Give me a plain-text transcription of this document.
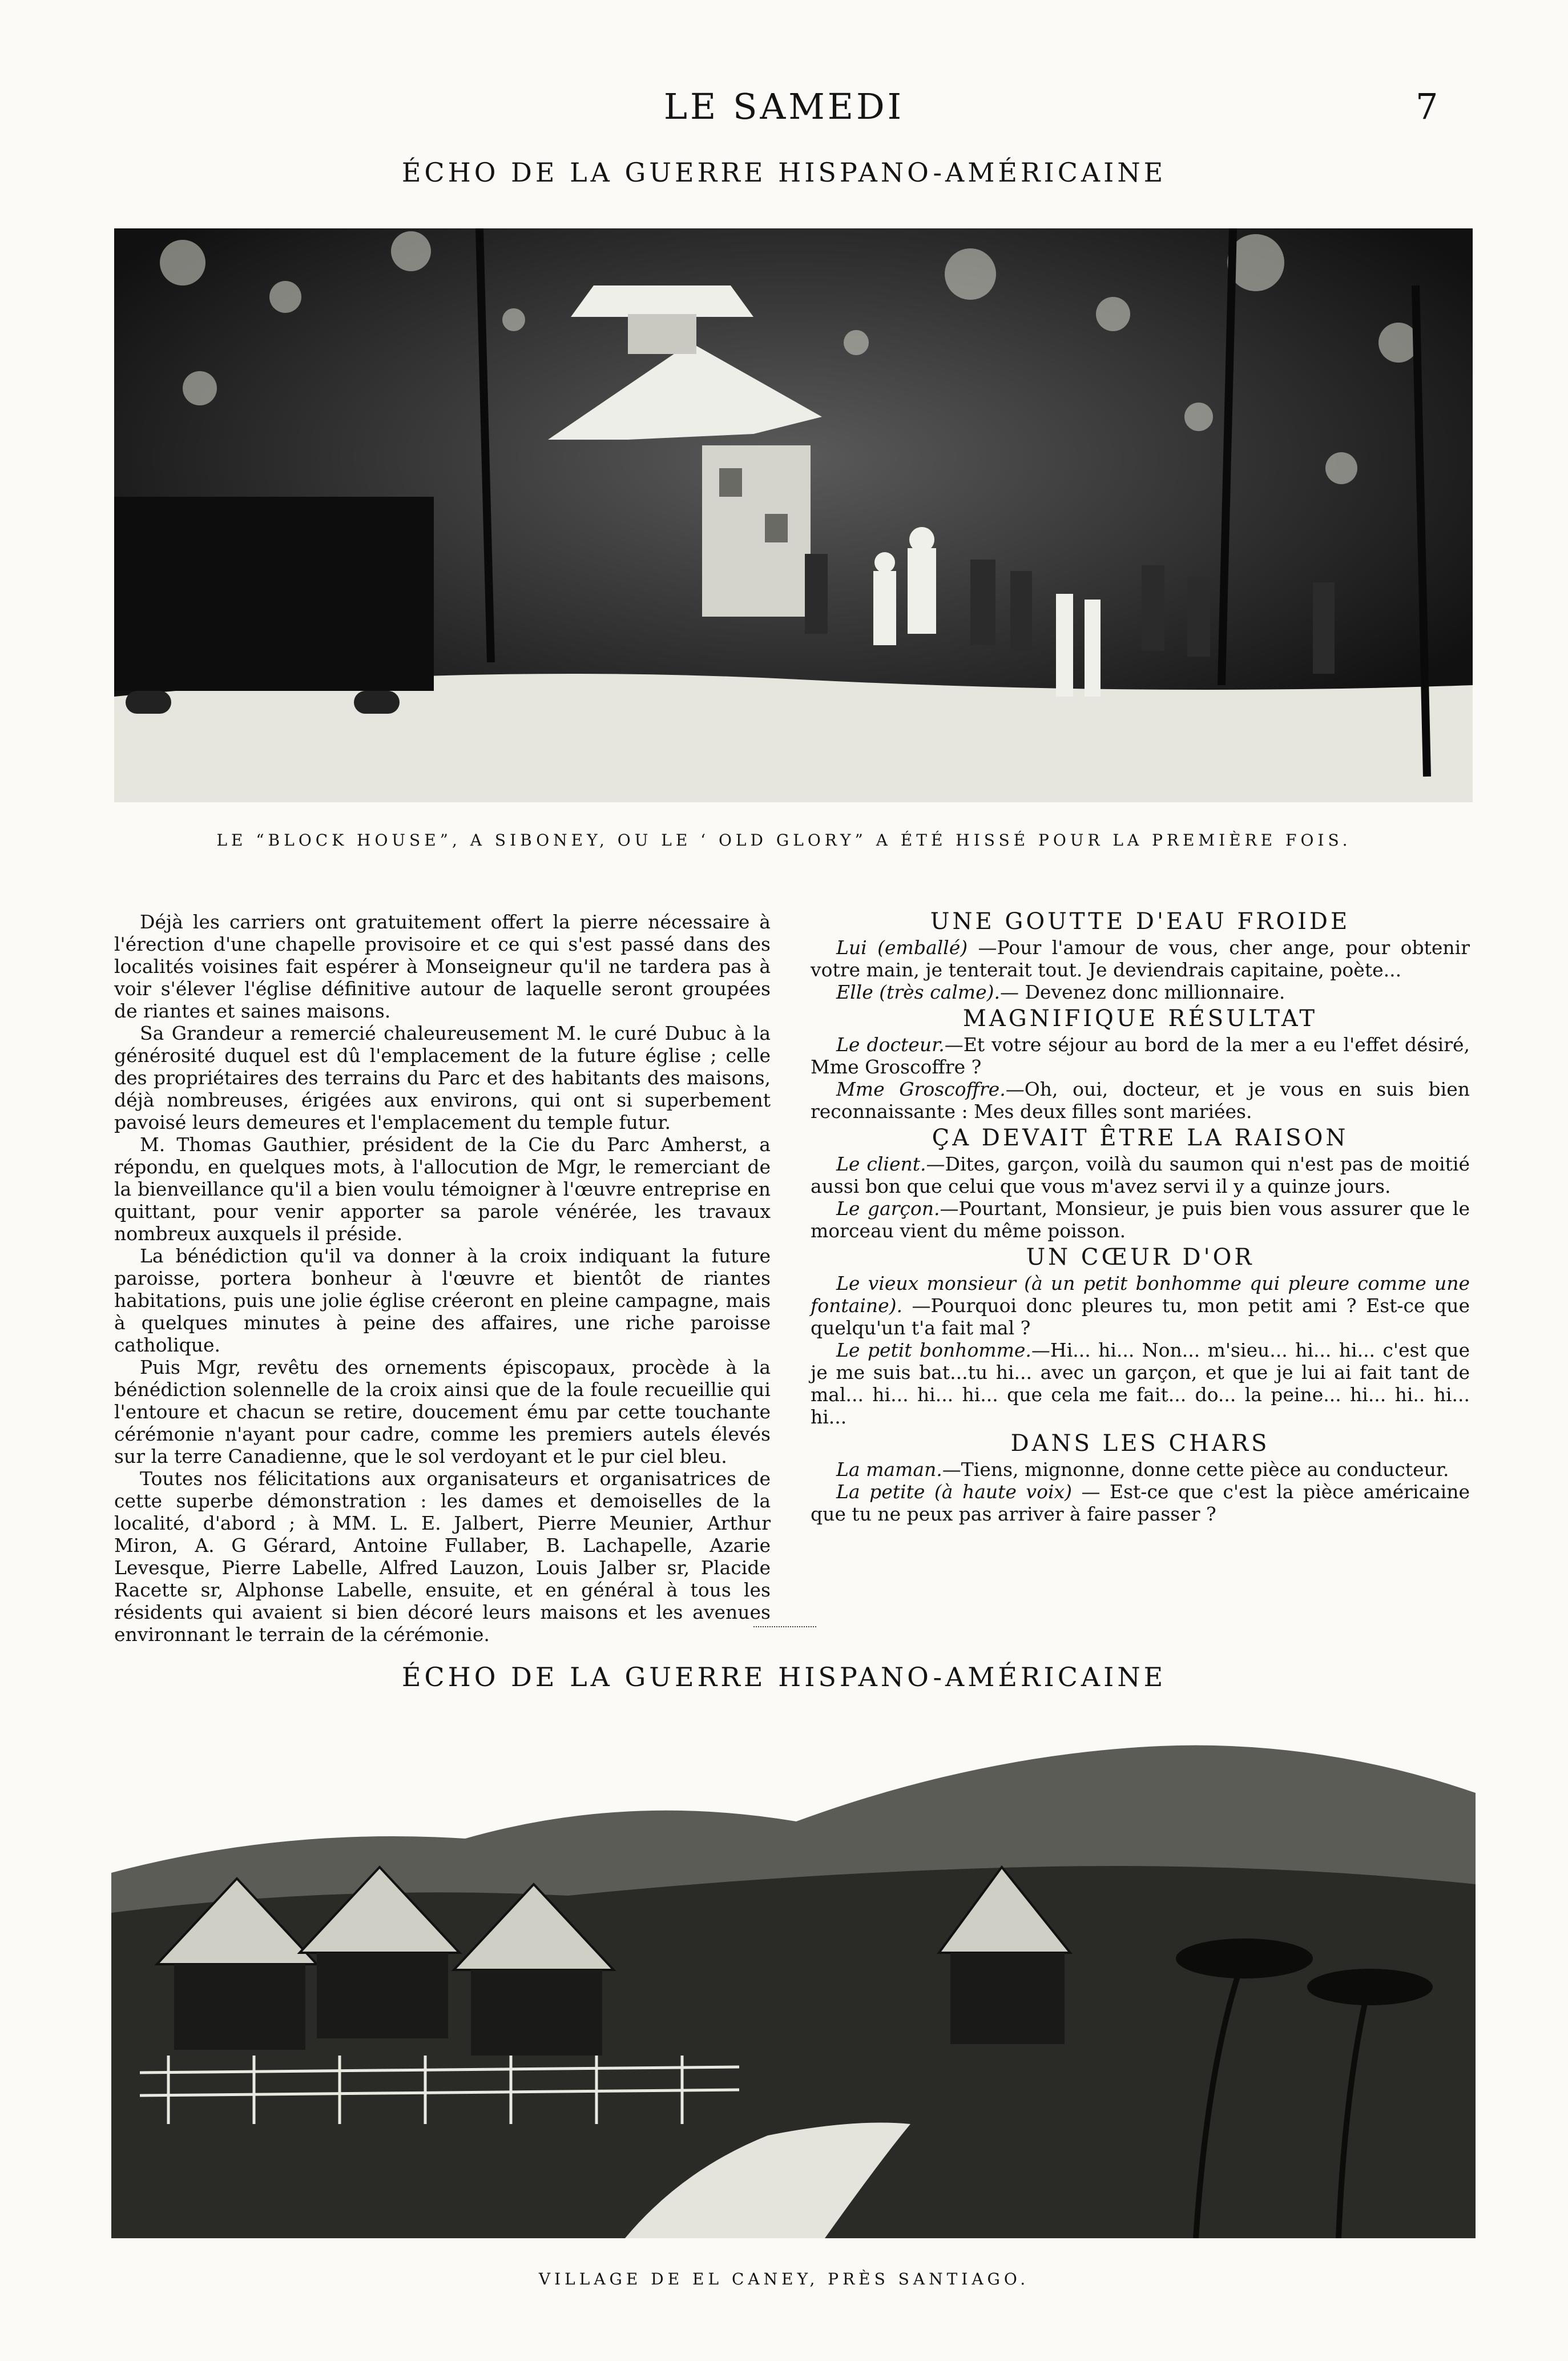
LE SAMEDI	7
ÉCHO DE LA GUERRE HISPANO-AMÉRICAINE
LE “BLOCK HOUSE”, A SIBONEY, OU LE ‘ OLD GLORY” A ÉTÉ HISSÉ POUR LA PREMIÈRE FOIS.

Déjà les carriers ont gratuitement offert la pierre nécessaire à l'érection d'une chapelle provisoire et ce qui s'est passé dans des localités voisines fait espérer à Monseigneur qu'il ne tardera pas à voir s'élever l'église définitive autour de laquelle seront groupées de riantes et saines maisons.

Sa Grandeur a remercié chaleureusement M. le curé Dubuc à la générosité duquel est dû l'emplacement de la future église ; celle des propriétaires des terrains du Parc et des habitants des maisons, déjà nombreuses, érigées aux environs, qui ont si superbement pavoisé leurs demeures et l'emplacement du temple futur.

M. Thomas Gauthier, président de la Cie du Parc Amherst, a répondu, en quelques mots, à l'allocution de Mgr, le remerciant de la bienveillance qu'il a bien voulu témoigner à l'œuvre entreprise en quittant, pour venir apporter sa parole vénérée, les travaux nombreux auxquels il préside.

La bénédiction qu'il va donner à la croix indiquant la future paroisse, portera bonheur à l'œuvre et bientôt de riantes habitations, puis une jolie église créeront en pleine campagne, mais à quelques minutes à peine des affaires, une riche paroisse catholique.

Puis Mgr, revêtu des ornements épiscopaux, procède à la bénédiction solennelle de la croix ainsi que de la foule recueillie qui l'entoure et chacun se retire, doucement ému par cette touchante cérémonie n'ayant pour cadre, comme les premiers autels élevés sur la terre Canadienne, que le sol verdoyant et le pur ciel bleu.

Toutes nos félicitations aux organisateurs et organisatrices de cette superbe démonstration : les dames et demoiselles de la localité, d'abord ; à MM. L. E. Jalbert, Pierre Meunier, Arthur Miron, A. G Gérard, Antoine Fullaber, B. Lachapelle, Azarie Levesque, Pierre Labelle, Alfred Lauzon, Louis Jalber sr, Placide Racette sr, Alphonse Labelle, ensuite, et en général à tous les résidents qui avaient si bien décoré leurs maisons et les avenues environnant le terrain de la cérémonie.

UNE GOUTTE D'EAU FROIDE

Lui (emballé) —Pour l'amour de vous, cher ange, pour obtenir votre main, je tenterait tout. Je deviendrais capitaine, poète...

Elle (très calme).— Devenez donc millionnaire.

MAGNIFIQUE RÉSULTAT

Le docteur.—Et votre séjour au bord de la mer a eu l'effet désiré, Mme Groscoffre ?

Mme Groscoffre.—Oh, oui, docteur, et je vous en suis bien reconnaissante : Mes deux filles sont mariées.

ÇA DEVAIT ÊTRE LA RAISON

Le client.—Dites, garçon, voilà du saumon qui n'est pas de moitié aussi bon que celui que vous m'avez servi il y a quinze jours.

Le garçon.—Pourtant, Monsieur, je puis bien vous assurer que le morceau vient du même poisson.

UN CŒUR D'OR

Le vieux monsieur (à un petit bonhomme qui pleure comme une fontaine). —Pourquoi donc pleures tu, mon petit ami ? Est-ce que quelqu'un t'a fait mal ?

Le petit bonhomme.—Hi... hi... Non... m'sieu... hi... hi... c'est que je me suis bat...tu hi... avec un garçon, et que je lui ai fait tant de mal... hi... hi... hi... que cela me fait... do... la peine... hi... hi.. hi... hi...

DANS LES CHARS

La maman.—Tiens, mignonne, donne cette pièce au conducteur.

La petite (à haute voix) — Est-ce que c'est la pièce américaine que tu ne peux pas arriver à faire passer ?

ÉCHO DE LA GUERRE HISPANO-AMÉRICAINE
VILLAGE DE EL CANEY, PRÈS SANTIAGO.
